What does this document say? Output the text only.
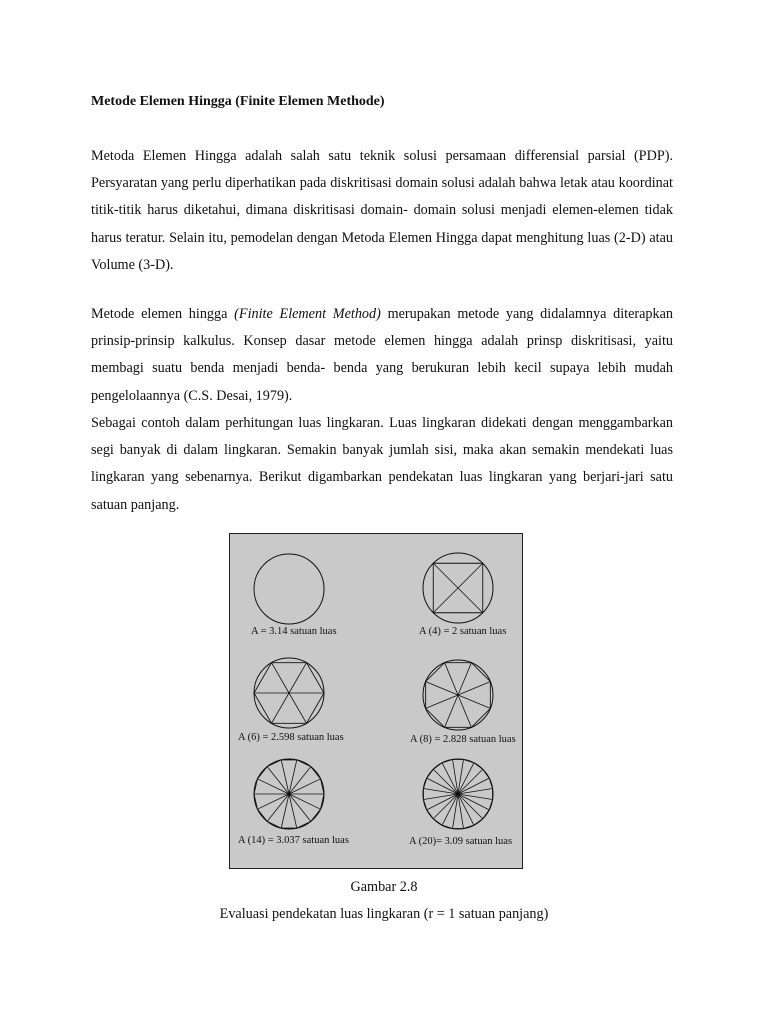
Metode Elemen Hingga (Finite Elemen Methode)

Metoda Elemen Hingga adalah salah satu teknik solusi persamaan differensial parsial (PDP). Persyaratan yang perlu diperhatikan pada diskritisasi domain solusi adalah bahwa letak atau koordinat titik-titik harus diketahui, dimana diskritisasi domain- domain solusi menjadi elemen-elemen tidak harus teratur. Selain itu, pemodelan dengan Metoda Elemen Hingga dapat menghitung luas (2-D) atau Volume (3-D).

Metode elemen hingga (Finite Element Method) merupakan metode yang didalamnya diterapkan prinsip-prinsip kalkulus. Konsep dasar metode elemen hingga adalah prinsp diskritisasi, yaitu membagi suatu benda menjadi benda- benda yang berukuran lebih kecil supaya lebih mudah pengelolaannya (C.S. Desai, 1979).

Sebagai contoh dalam perhitungan luas lingkaran. Luas lingkaran didekati dengan menggambarkan segi banyak di dalam lingkaran. Semakin banyak jumlah sisi, maka akan semakin mendekati luas lingkaran yang sebenarnya. Berikut digambarkan pendekatan luas lingkaran yang berjari-jari satu satuan panjang.

A = 3.14 satuan luas	A (4) = 2 satuan luas
A (6) = 2.598 satuan luas	A (8) = 2.828 satuan luas
A (14) = 3.037 satuan luas	A (20)= 3.09 satuan luas

Gambar 2.8

Evaluasi pendekatan luas lingkaran (r = 1 satuan panjang)
